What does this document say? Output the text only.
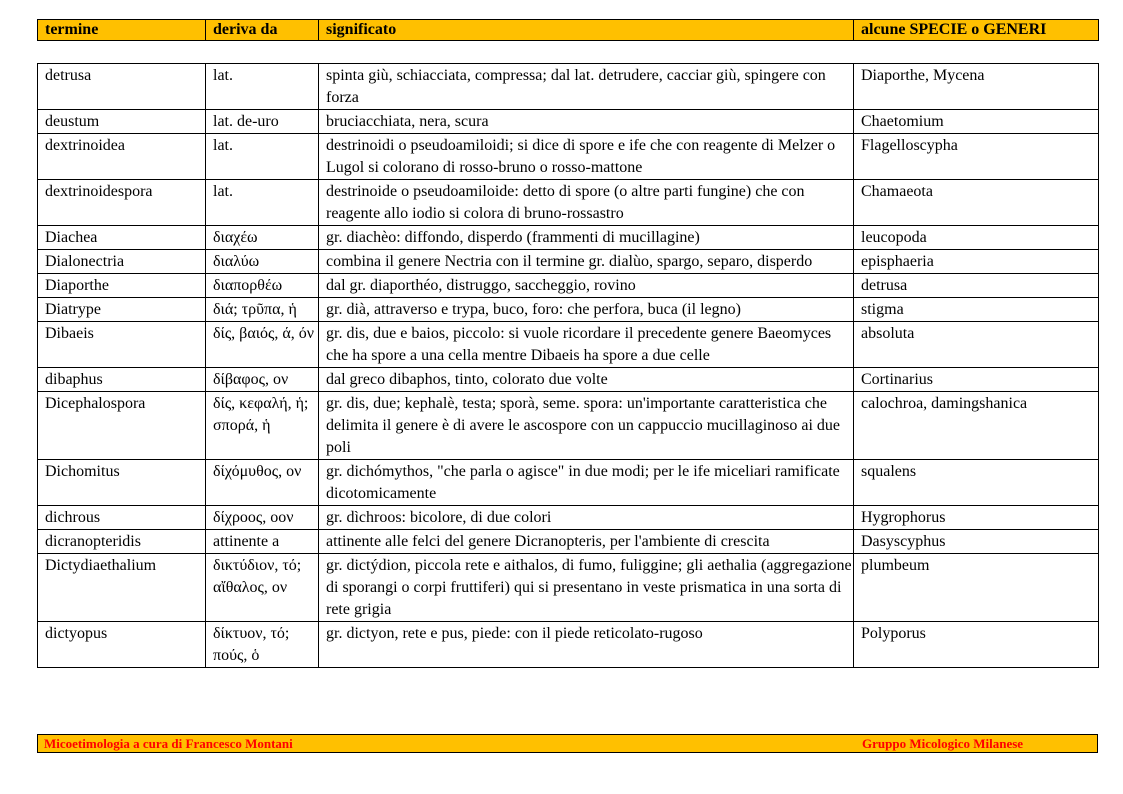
termine	deriva da	significato	alcune SPECIE o GENERI
detrusa	lat.	spinta giù, schiacciata, compressa; dal lat. detrudere, cacciar giù, spingere con forza	Diaporthe, Mycena
deustum	lat. de-uro	bruciacchiata, nera, scura	Chaetomium
dextrinoidea	lat.	destrinoidi o pseudoamiloidi; si dice di spore e ife che con reagente di Melzer o Lugol si colorano di rosso-bruno o rosso-mattone	Flagelloscypha
dextrinoidespora	lat.	destrinoide o pseudoamiloide: detto di spore (o altre parti fungine) che con reagente allo iodio si colora di bruno-rossastro	Chamaeota
Diachea	διαχέω	gr. diachèo: diffondo, disperdo (frammenti di mucillagine)	leucopoda
Dialonectria	διαλύω	combina il genere Nectria con il termine gr. dialùo, spargo, separo, disperdo	episphaeria
Diaporthe	διαπορθέω	dal gr. diaporthéo, distruggo, saccheggio, rovino	detrusa
Diatrype	διά; τρῦπα, ἡ	gr. dià, attraverso e trypa, buco, foro: che perfora, buca (il legno)	stigma
Dibaeis	δίς, βαιός, ά, όν	gr. dis, due e baios, piccolo: si vuole ricordare il precedente genere Baeomyces che ha spore a una cella mentre Dibaeis ha spore a due celle	absoluta
dibaphus	δίβαφος, ον	dal greco dibaphos, tinto, colorato due volte	Cortinarius
Dicephalospora	δίς, κεφαλή, ἡ; σπορά, ἡ	gr. dis, due; kephalè, testa; sporà, seme. spora: un'importante caratteristica che delimita il genere è di avere le ascospore con un cappuccio mucillaginoso ai due poli	calochroa, damingshanica
Dichomitus	δίχόμυθος, ον	gr. dichómythos, "che parla o agisce" in due modi; per le ife miceliari ramificate dicotomicamente	squalens
dichrous	δίχροος, οον	gr. dìchroos: bicolore, di due colori	Hygrophorus
dicranopteridis	attinente a	attinente alle felci del genere Dicranopteris, per l'ambiente di crescita	Dasyscyphus
Dictydiaethalium	δικτύδιον, τό; αἴθαλος, ον	gr. dictýdion, piccola rete e aithalos, di fumo, fuliggine; gli aethalia (aggregazione di sporangi o corpi fruttiferi) qui si presentano in veste prismatica in una sorta di rete grigia	plumbeum
dictyopus	δίκτυον, τό; πούς, ὁ	gr. dictyon, rete e pus, piede: con il piede reticolato-rugoso	Polyporus
Micoetimologia a cura di Francesco Montani	Gruppo Micologico Milanese
